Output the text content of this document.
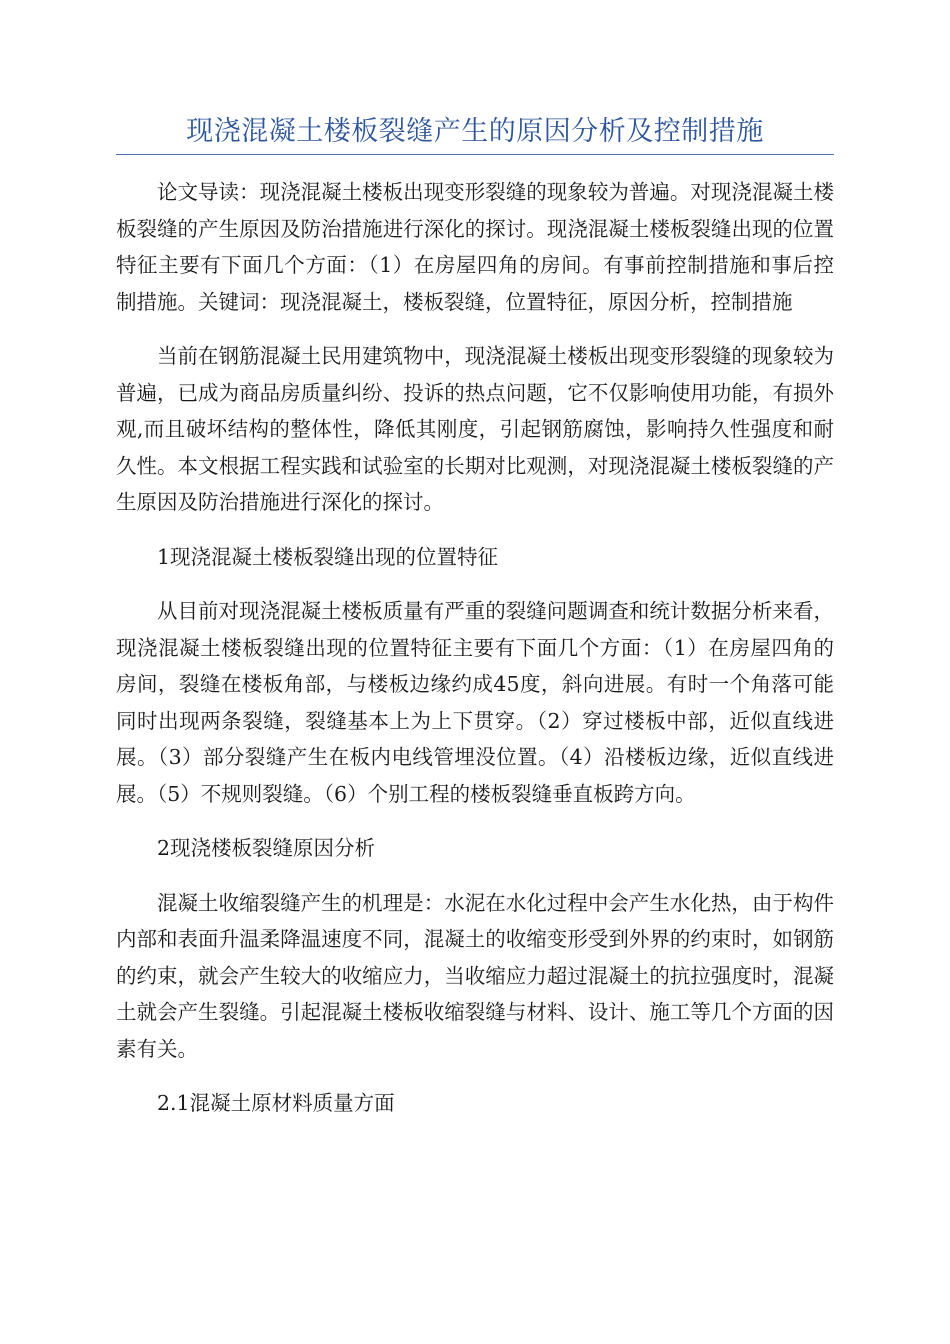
现浇混凝土楼板裂缝产生的原因分析及控制措施

论文导读：现浇混凝土楼板出现变形裂缝的现象较为普遍。对现浇混凝土楼板裂缝的产生原因及防治措施进行深化的探讨。现浇混凝土楼板裂缝出现的位置特征主要有下面几个方面：（1）在房屋四角的房间。有事前控制措施和事后控制措施。关键词：现浇混凝土，楼板裂缝，位置特征，原因分析，控制措施

当前在钢筋混凝土民用建筑物中，现浇混凝土楼板出现变形裂缝的现象较为普遍，已成为商品房质量纠纷、投诉的热点问题，它不仅影响使用功能，有损外观,而且破坏结构的整体性，降低其刚度，引起钢筋腐蚀，影响持久性强度和耐久性。本文根据工程实践和试验室的长期对比观测，对现浇混凝土楼板裂缝的产生原因及防治措施进行深化的探讨。

1现浇混凝土楼板裂缝出现的位置特征

从目前对现浇混凝土楼板质量有严重的裂缝问题调查和统计数据分析来看，现浇混凝土楼板裂缝出现的位置特征主要有下面几个方面：（1）在房屋四角的房间，裂缝在楼板角部，与楼板边缘约成45度，斜向进展。有时一个角落可能同时出现两条裂缝，裂缝基本上为上下贯穿。（2）穿过楼板中部，近似直线进展。（3）部分裂缝产生在板内电线管埋没位置。（4）沿楼板边缘，近似直线进展。（5）不规则裂缝。（6）个别工程的楼板裂缝垂直板跨方向。

2现浇楼板裂缝原因分析

混凝土收缩裂缝产生的机理是：水泥在水化过程中会产生水化热，由于构件内部和表面升温柔降温速度不同，混凝土的收缩变形受到外界的约束时，如钢筋的约束，就会产生较大的收缩应力，当收缩应力超过混凝土的抗拉强度时，混凝土就会产生裂缝。引起混凝土楼板收缩裂缝与材料、设计、施工等几个方面的因素有关。

2.1混凝土原材料质量方面
